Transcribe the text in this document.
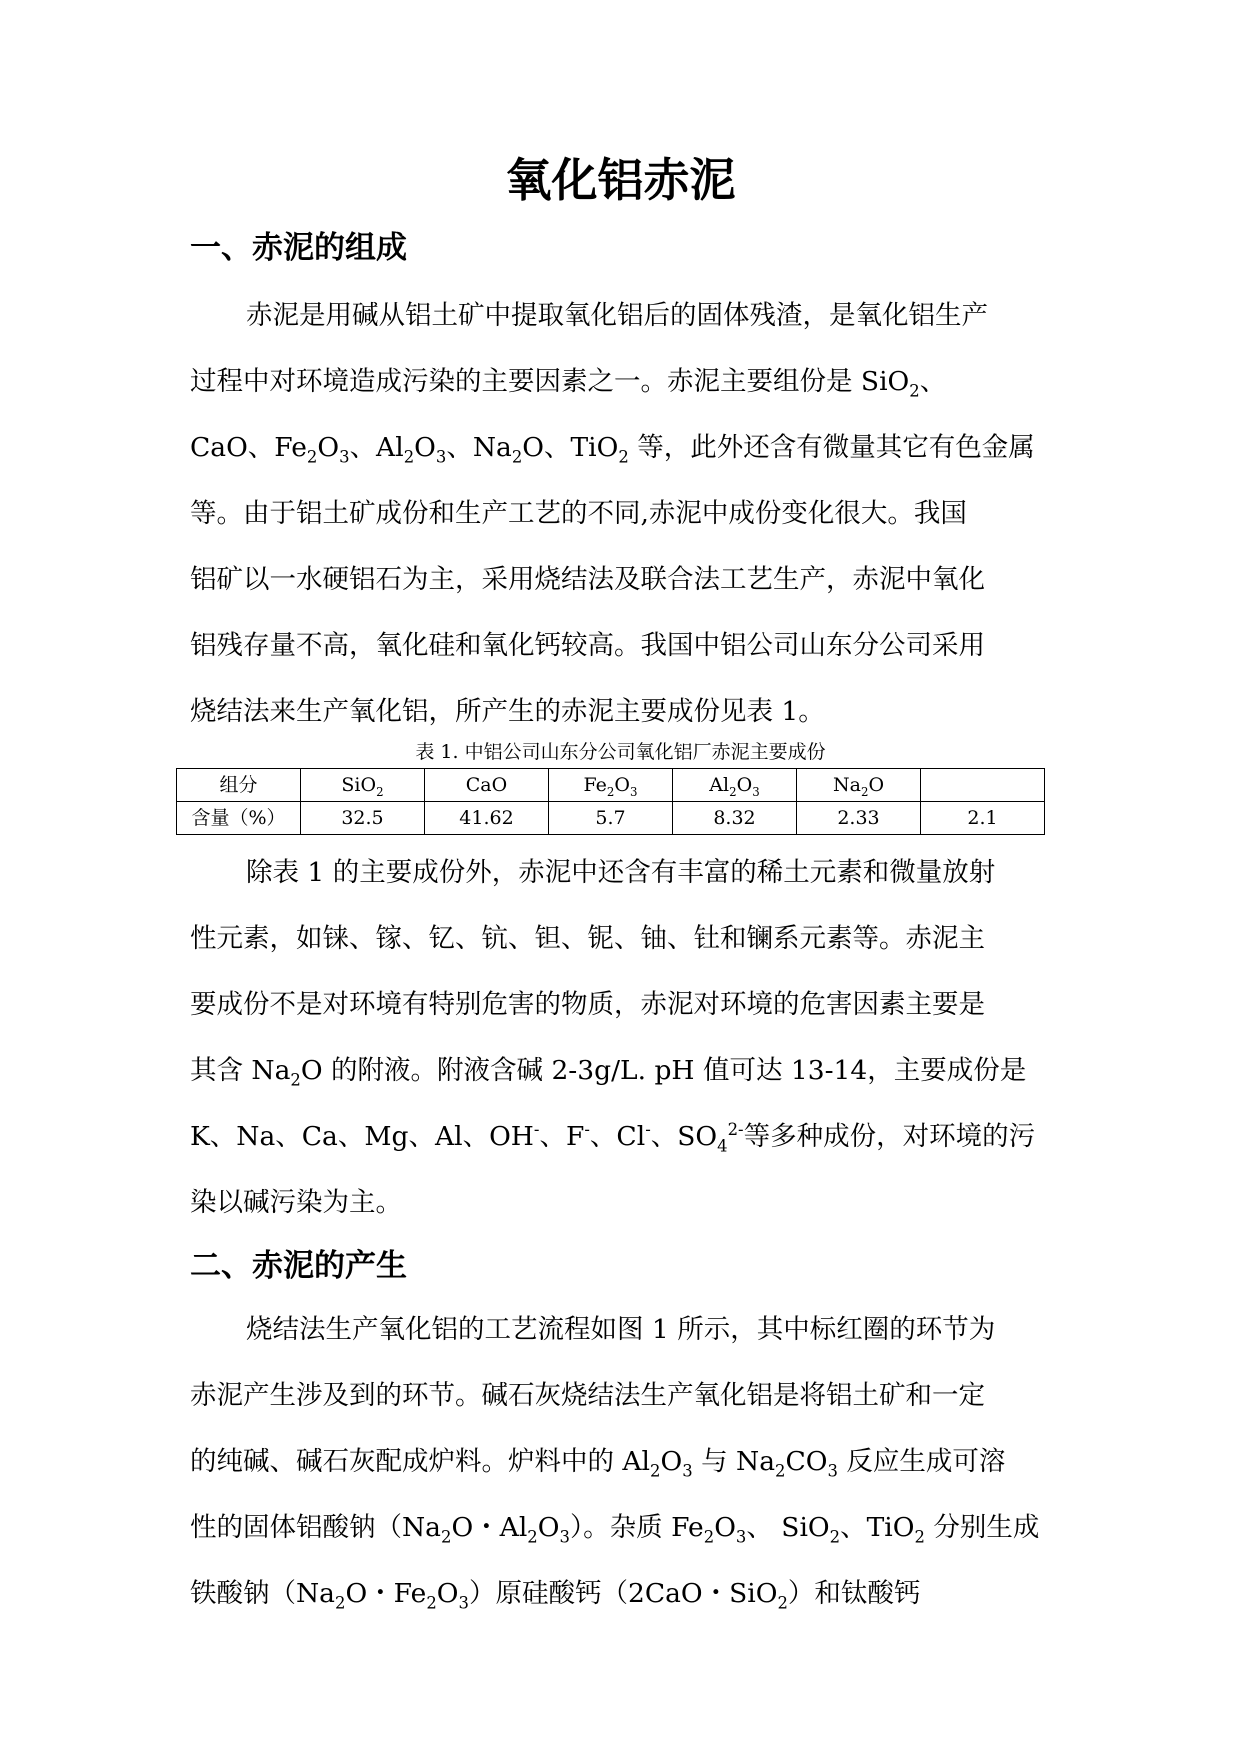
氧化铝赤泥
一、赤泥的组成
赤泥是用碱从铝土矿中提取氧化铝后的固体残渣，是氧化铝生产
过程中对环境造成污染的主要因素之一。赤泥主要组份是 SiO$_2$、
CaO、$Fe_2O_3$、$Al_2O_3$、$Na_2O$、TiO$_2$ 等，此外还含有微量其它有色金属
等。由于铝土矿成份和生产工艺的不同,赤泥中成份变化很大。我国
铝矿以一水硬铝石为主，采用烧结法及联合法工艺生产，赤泥中氧化
铝残存量不高，氧化硅和氧化钙较高。我国中铝公司山东分公司采用
烧结法来生产氧化铝，所产生的赤泥主要成份见表 1。

表 1. 中铝公司山东分公司氧化铝厂赤泥主要成份

组分	SiO$_2$	CaO	$Fe_2O_3$	$Al_2O_3$	$Na_2O$	
含量（%）	32.5	41.62	5.7	8.32	2.33	2.1
除表 1 的主要成份外，赤泥中还含有丰富的稀土元素和微量放射
性元素，如铼、镓、钇、钪、钽、铌、铀、钍和镧系元素等。赤泥主
要成份不是对环境有特别危害的物质，赤泥对环境的危害因素主要是
其含 $Na_2O$ 的附液。附液含碱 2-3g/L. pH 值可达 13-14，主要成份是
K、Na、Ca、Mg、Al、OH-、F-、Cl-、$SO_4^{2-}$等多种成份，对环境的污
染以碱污染为主。
二、赤泥的产生
烧结法生产氧化铝的工艺流程如图 1 所示，其中标红圈的环节为
赤泥产生涉及到的环节。碱石灰烧结法生产氧化铝是将铝土矿和一定
的纯碱、碱石灰配成炉料。炉料中的 $Al_2O_3$ 与 $Na_2CO_3$ 反应生成可溶
性的固体铝酸钠（$Na_2O$・$Al_2O_3$）。杂质 $Fe_2O_3$、 SiO$_2$、TiO$_2$ 分别生成
铁酸钠（$Na_2O$・$Fe_2O_3$）原硅酸钙（2CaO・SiO$_2$）和钛酸钙
